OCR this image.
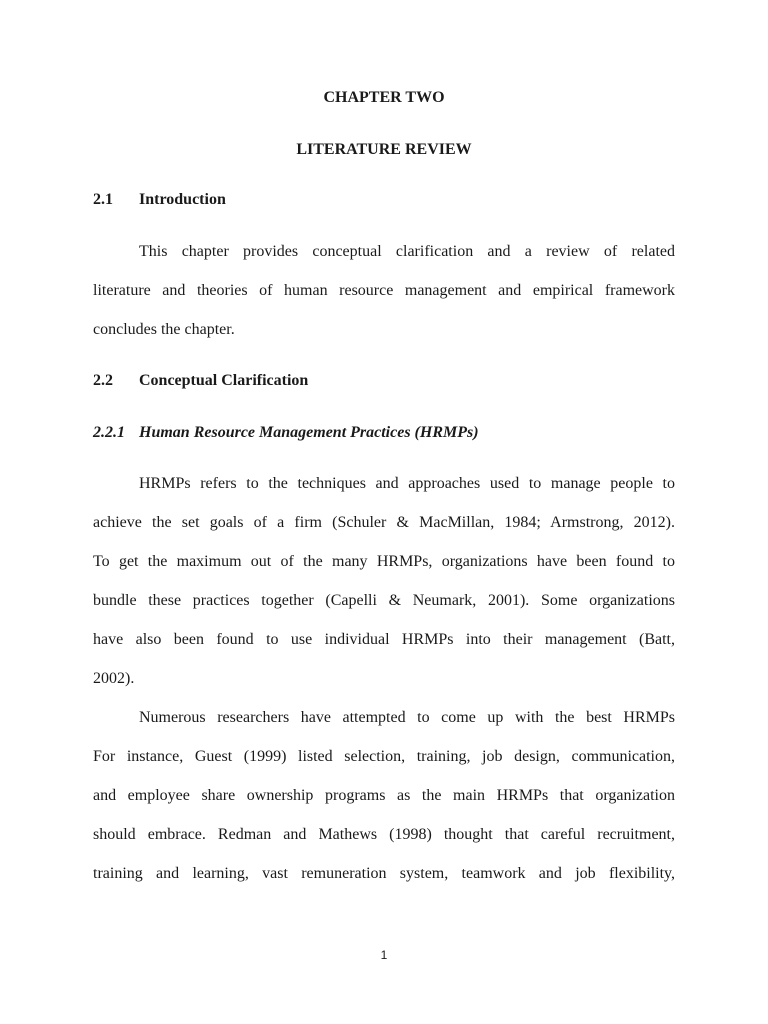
CHAPTER TWO
LITERATURE REVIEW
2.1 Introduction
This chapter provides conceptual clarification and a review of related
literature and theories of human resource management and empirical framework
concludes the chapter.
2.2 Conceptual Clarification
2.2.1 Human Resource Management Practices (HRMPs)
HRMPs refers to the techniques and approaches used to manage people to
achieve the set goals of a firm (Schuler & MacMillan, 1984; Armstrong, 2012).
To get the maximum out of the many HRMPs, organizations have been found to
bundle these practices together (Capelli & Neumark, 2001). Some organizations
have also been found to use individual HRMPs into their management (Batt,
2002).
Numerous researchers have attempted to come up with the best HRMPs
For instance, Guest (1999) listed selection, training, job design, communication,
and employee share ownership programs as the main HRMPs that organization
should embrace. Redman and Mathews (1998) thought that careful recruitment,
training and learning, vast remuneration system, teamwork and job flexibility,
1
